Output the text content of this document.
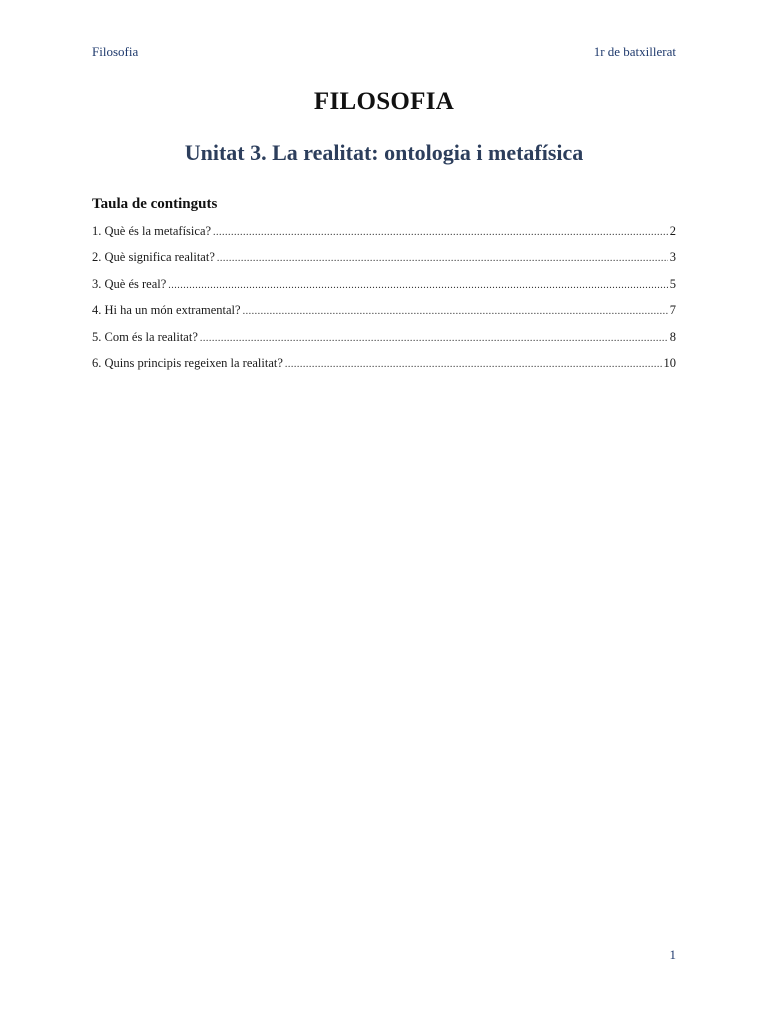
Filosofia	1r de batxillerat
FILOSOFIA
Unitat 3. La realitat: ontologia i metafísica
Taula de continguts
1. Què és la metafísica? .....	2
2. Què significa realitat? .....	3
3. Què és real? .....	5
4. Hi ha un món extramental? .....	7
5. Com és la realitat? .....	8
6. Quins principis regeixen la realitat? .....	10
1
